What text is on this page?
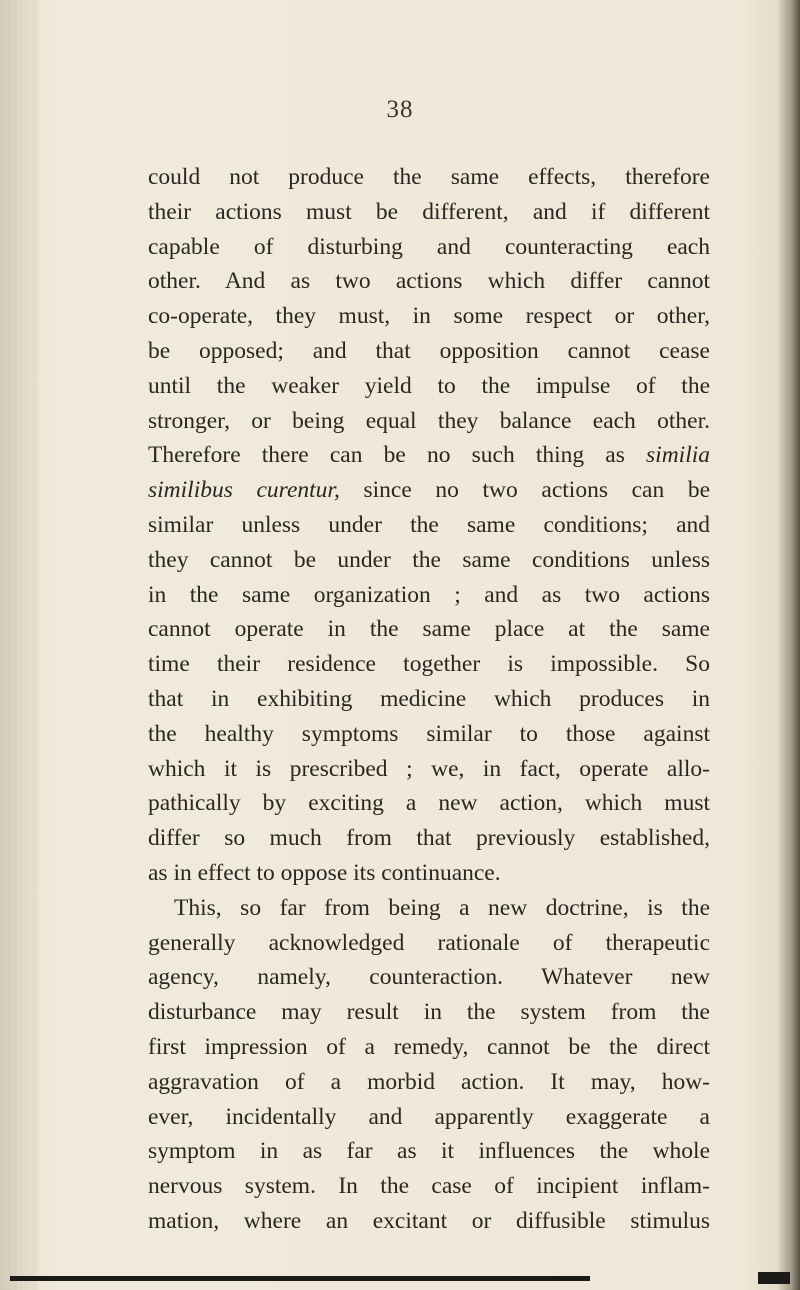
38
could not produce the same effects, therefore
their actions must be different, and if different
capable of disturbing and counteracting each
other. And as two actions which differ cannot
co-operate, they must, in some respect or other,
be opposed; and that opposition cannot cease
until the weaker yield to the impulse of the
stronger, or being equal they balance each other.
Therefore there can be no such thing as similia
similibus curentur, since no two actions can be
similar unless under the same conditions; and
they cannot be under the same conditions unless
in the same organization ; and as two actions
cannot operate in the same place at the same
time their residence together is impossible. So
that in exhibiting medicine which produces in
the healthy symptoms similar to those against
which it is prescribed ; we, in fact, operate allo-
pathically by exciting a new action, which must
differ so much from that previously established,
as in effect to oppose its continuance.
This, so far from being a new doctrine, is the
generally acknowledged rationale of therapeutic
agency, namely, counteraction. Whatever new
disturbance may result in the system from the
first impression of a remedy, cannot be the direct
aggravation of a morbid action. It may, how-
ever, incidentally and apparently exaggerate a
symptom in as far as it influences the whole
nervous system. In the case of incipient inflam-
mation, where an excitant or diffusible stimulus
